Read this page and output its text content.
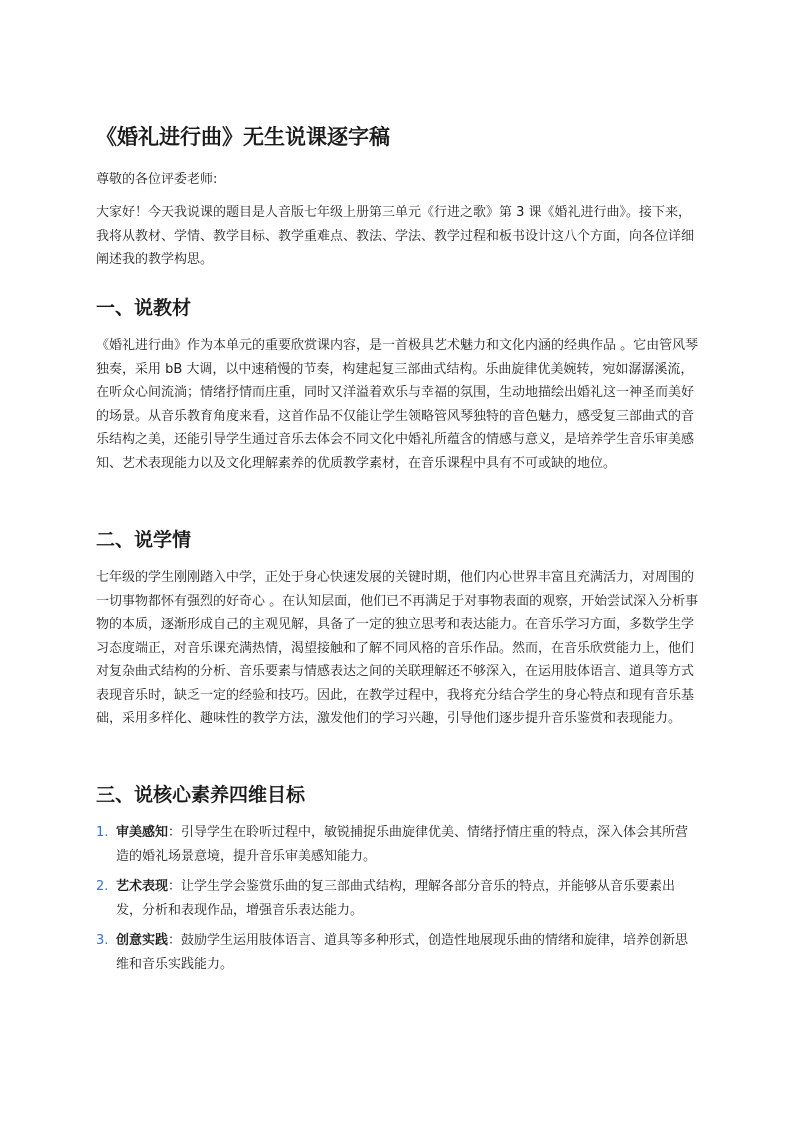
《婚礼进行曲》无生说课逐字稿

尊敬的各位评委老师:

大家好！今天我说课的题目是人音版七年级上册第三单元《行进之歌》第 3 课《婚礼进行曲》。接下来，我将从教材、学情、教学目标、教学重难点、教法、学法、教学过程和板书设计这八个方面，向各位详细阐述我的教学构思。

一、说教材

《婚礼进行曲》作为本单元的重要欣赏课内容，是一首极具艺术魅力和文化内涵的经典作品 。它由管风琴独奏，采用 bB 大调，以中速稍慢的节奏，构建起复三部曲式结构。乐曲旋律优美婉转，宛如潺潺溪流，在听众心间流淌；情绪抒情而庄重，同时又洋溢着欢乐与幸福的氛围，生动地描绘出婚礼这一神圣而美好的场景。从音乐教育角度来看，这首作品不仅能让学生领略管风琴独特的音色魅力，感受复三部曲式的音乐结构之美，还能引导学生通过音乐去体会不同文化中婚礼所蕴含的情感与意义，是培养学生音乐审美感知、艺术表现能力以及文化理解素养的优质教学素材，在音乐课程中具有不可或缺的地位。

二、说学情

七年级的学生刚刚踏入中学，正处于身心快速发展的关键时期，他们内心世界丰富且充满活力，对周围的一切事物都怀有强烈的好奇心 。在认知层面，他们已不再满足于对事物表面的观察，开始尝试深入分析事物的本质，逐渐形成自己的主观见解，具备了一定的独立思考和表达能力。在音乐学习方面，多数学生学习态度端正，对音乐课充满热情，渴望接触和了解不同风格的音乐作品。然而，在音乐欣赏能力上，他们对复杂曲式结构的分析、音乐要素与情感表达之间的关联理解还不够深入，在运用肢体语言、道具等方式表现音乐时，缺乏一定的经验和技巧。因此，在教学过程中，我将充分结合学生的身心特点和现有音乐基础，采用多样化、趣味性的教学方法，激发他们的学习兴趣，引导他们逐步提升音乐鉴赏和表现能力。

三、说核心素养四维目标
1. 审美感知：引导学生在聆听过程中，敏锐捕捉乐曲旋律优美、情绪抒情庄重的特点，深入体会其所营造的婚礼场景意境，提升音乐审美感知能力。
2. 艺术表现：让学生学会鉴赏乐曲的复三部曲式结构，理解各部分音乐的特点，并能够从音乐要素出发，分析和表现作品，增强音乐表达能力。
3. 创意实践：鼓励学生运用肢体语言、道具等多种形式，创造性地展现乐曲的情绪和旋律，培养创新思维和音乐实践能力。
